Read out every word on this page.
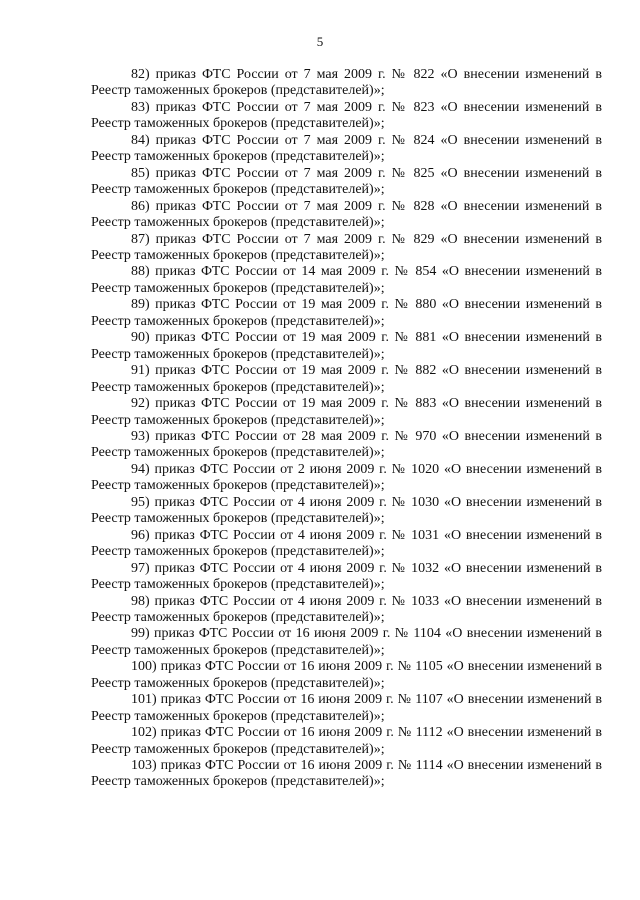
5

82) приказ ФТС России от 7 мая 2009 г. № 822 «О внесении изменений в Реестр таможенных брокеров (представителей)»;

83) приказ ФТС России от 7 мая 2009 г. № 823 «О внесении изменений в Реестр таможенных брокеров (представителей)»;

84) приказ ФТС России от 7 мая 2009 г. № 824 «О внесении изменений в Реестр таможенных брокеров (представителей)»;

85) приказ ФТС России от 7 мая 2009 г. № 825 «О внесении изменений в Реестр таможенных брокеров (представителей)»;

86) приказ ФТС России от 7 мая 2009 г. № 828 «О внесении изменений в Реестр таможенных брокеров (представителей)»;

87) приказ ФТС России от 7 мая 2009 г. № 829 «О внесении изменений в Реестр таможенных брокеров (представителей)»;

88) приказ ФТС России от 14 мая 2009 г. № 854 «О внесении изменений в Реестр таможенных брокеров (представителей)»;

89) приказ ФТС России от 19 мая 2009 г. № 880 «О внесении изменений в Реестр таможенных брокеров (представителей)»;

90) приказ ФТС России от 19 мая 2009 г. № 881 «О внесении изменений в Реестр таможенных брокеров (представителей)»;

91) приказ ФТС России от 19 мая 2009 г. № 882 «О внесении изменений в Реестр таможенных брокеров (представителей)»;

92) приказ ФТС России от 19 мая 2009 г. № 883 «О внесении изменений в Реестр таможенных брокеров (представителей)»;

93) приказ ФТС России от 28 мая 2009 г. № 970 «О внесении изменений в Реестр таможенных брокеров (представителей)»;

94) приказ ФТС России от 2 июня 2009 г. № 1020 «О внесении изменений в Реестр таможенных брокеров (представителей)»;

95) приказ ФТС России от 4 июня 2009 г. № 1030 «О внесении изменений в Реестр таможенных брокеров (представителей)»;

96) приказ ФТС России от 4 июня 2009 г. № 1031 «О внесении изменений в Реестр таможенных брокеров (представителей)»;

97) приказ ФТС России от 4 июня 2009 г. № 1032 «О внесении изменений в Реестр таможенных брокеров (представителей)»;

98) приказ ФТС России от 4 июня 2009 г. № 1033 «О внесении изменений в Реестр таможенных брокеров (представителей)»;

99) приказ ФТС России от 16 июня 2009 г. № 1104 «О внесении изменений в Реестр таможенных брокеров (представителей)»;

100) приказ ФТС России от 16 июня 2009 г. № 1105 «О внесении изменений в Реестр таможенных брокеров (представителей)»;

101) приказ ФТС России от 16 июня 2009 г. № 1107 «О внесении изменений в Реестр таможенных брокеров (представителей)»;

102) приказ ФТС России от 16 июня 2009 г. № 1112 «О внесении изменений в Реестр таможенных брокеров (представителей)»;

103) приказ ФТС России от 16 июня 2009 г. № 1114 «О внесении изменений в Реестр таможенных брокеров (представителей)»;
